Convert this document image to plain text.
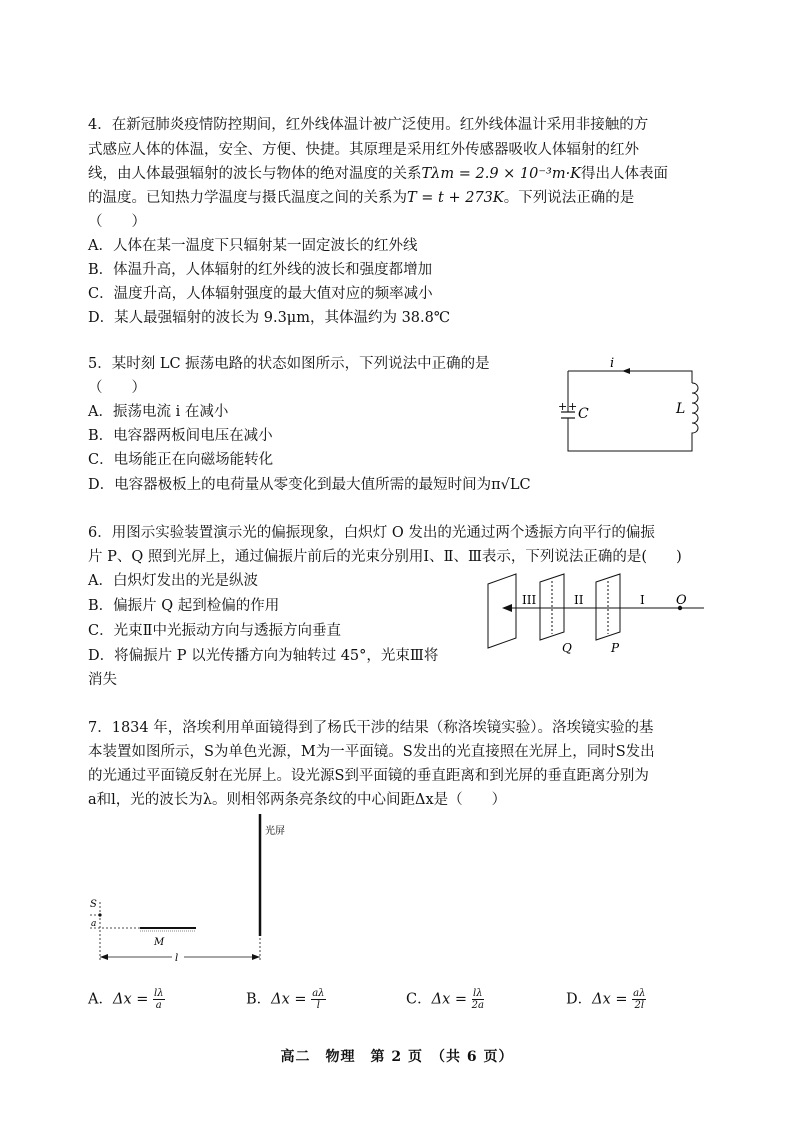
4．在新冠肺炎疫情防控期间，红外线体温计被广泛使用。红外线体温计采用非接触的方
式感应人体的体温，安全、方便、快捷。其原理是采用红外传感器吸收人体辐射的红外
线，由人体最强辐射的波长与物体的绝对温度的关系Tλm = 2.9 × 10⁻³m·K得出人体表面
的温度。已知热力学温度与摄氏温度之间的关系为T = t + 273K。下列说法正确的是
（　　）
A．人体在某一温度下只辐射某一固定波长的红外线
B．体温升高，人体辐射的红外线的波长和强度都增加
C．温度升高，人体辐射强度的最大值对应的频率减小
D．某人最强辐射的波长为 9.3μm，其体温约为 38.8℃
5．某时刻 LC 振荡电路的状态如图所示，下列说法中正确的是
（　　）
A．振荡电流 i 在减小
B．电容器两板间电压在减小
C．电场能正在向磁场能转化
D．电容器极板上的电荷量从零变化到最大值所需的最短时间为π√LC
i
L
C
+ +
6．用图示实验装置演示光的偏振现象，白炽灯 O 发出的光通过两个透振方向平行的偏振
片 P、Q 照到光屏上，通过偏振片前后的光束分别用Ⅰ、Ⅱ、Ⅲ表示，下列说法正确的是(　　)
A．白炽灯发出的光是纵波
B．偏振片 Q 起到检偏的作用
C．光束Ⅱ中光振动方向与透振方向垂直
D．将偏振片 P 以光传播方向为轴转过 45°，光束Ⅲ将
消失
III	II	I O
Q	P
7．1834 年，洛埃利用单面镜得到了杨氏干涉的结果（称洛埃镜实验）。洛埃镜实验的基
本装置如图所示，S为单色光源，M为一平面镜。S发出的光直接照在光屏上，同时S发出
的光通过平面镜反射在光屏上。设光源S到平面镜的垂直距离和到光屏的垂直距离分别为
a和l，光的波长为λ。则相邻两条亮条纹的中心间距Δx是（　　）
光屏
S
a
M
l
A．$\Delta x = \frac{l\lambda}{a}$	B．$\Delta x = \frac{a\lambda}{l}$	C．$\Delta x = \frac{l\lambda}{2a}$	D．$\Delta x = \frac{a\lambda}{2l}$
高二　物理　第 2 页　（共 6 页）
